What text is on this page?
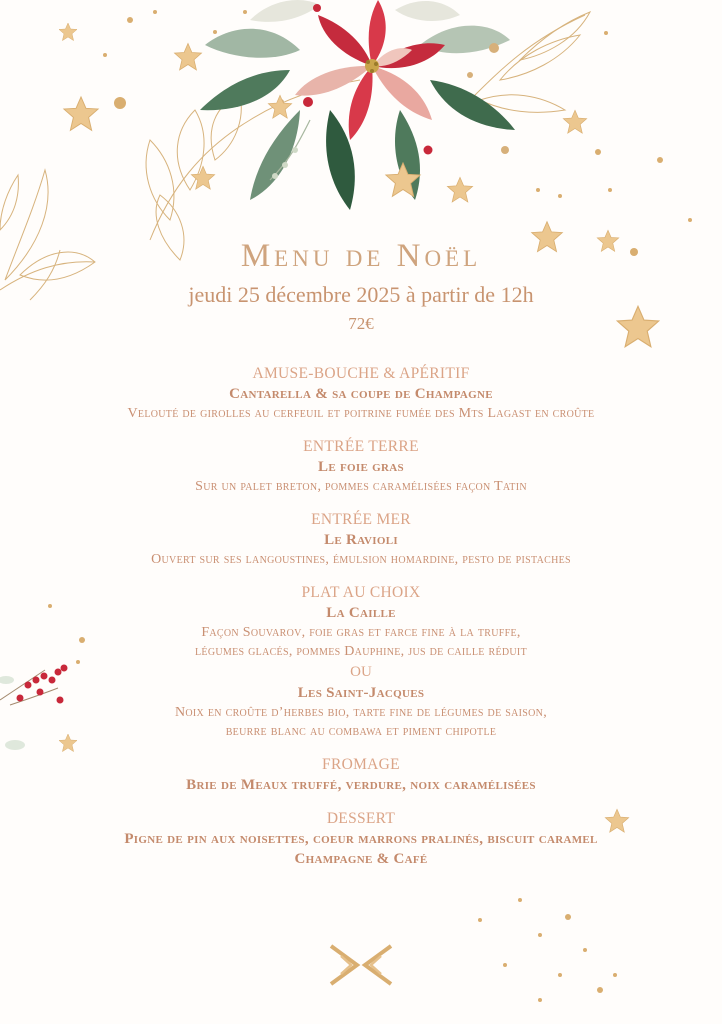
Menu de Noël
jeudi 25 décembre 2025 à partir de 12h
72€
AMUSE-BOUCHE & APÉRITIF
Cantarella & sa coupe de Champagne
Velouté de girolles au cerfeuil et poitrine fumée des Mts Lagast en croûte
ENTRÉE TERRE
Le foie gras
Sur un palet breton, pommes caramélisées façon Tatin
ENTRÉE MER
Le Ravioli
Ouvert sur ses langoustines, émulsion homardine, pesto de pistaches
PLAT AU CHOIX
La Caille
Façon Souvarov, foie gras et farce fine à la truffe,
légumes glacés, pommes Dauphine, jus de caille réduit
OU
Les Saint-Jacques
Noix en croûte d’herbes bio, tarte fine de légumes de saison,
beurre blanc au combawa et piment chipotle
FROMAGE
Brie de Meaux truffé, verdure, noix caramélisées
DESSERT
Pigne de pin aux noisettes, coeur marrons pralinés, biscuit caramel
Champagne & Café
